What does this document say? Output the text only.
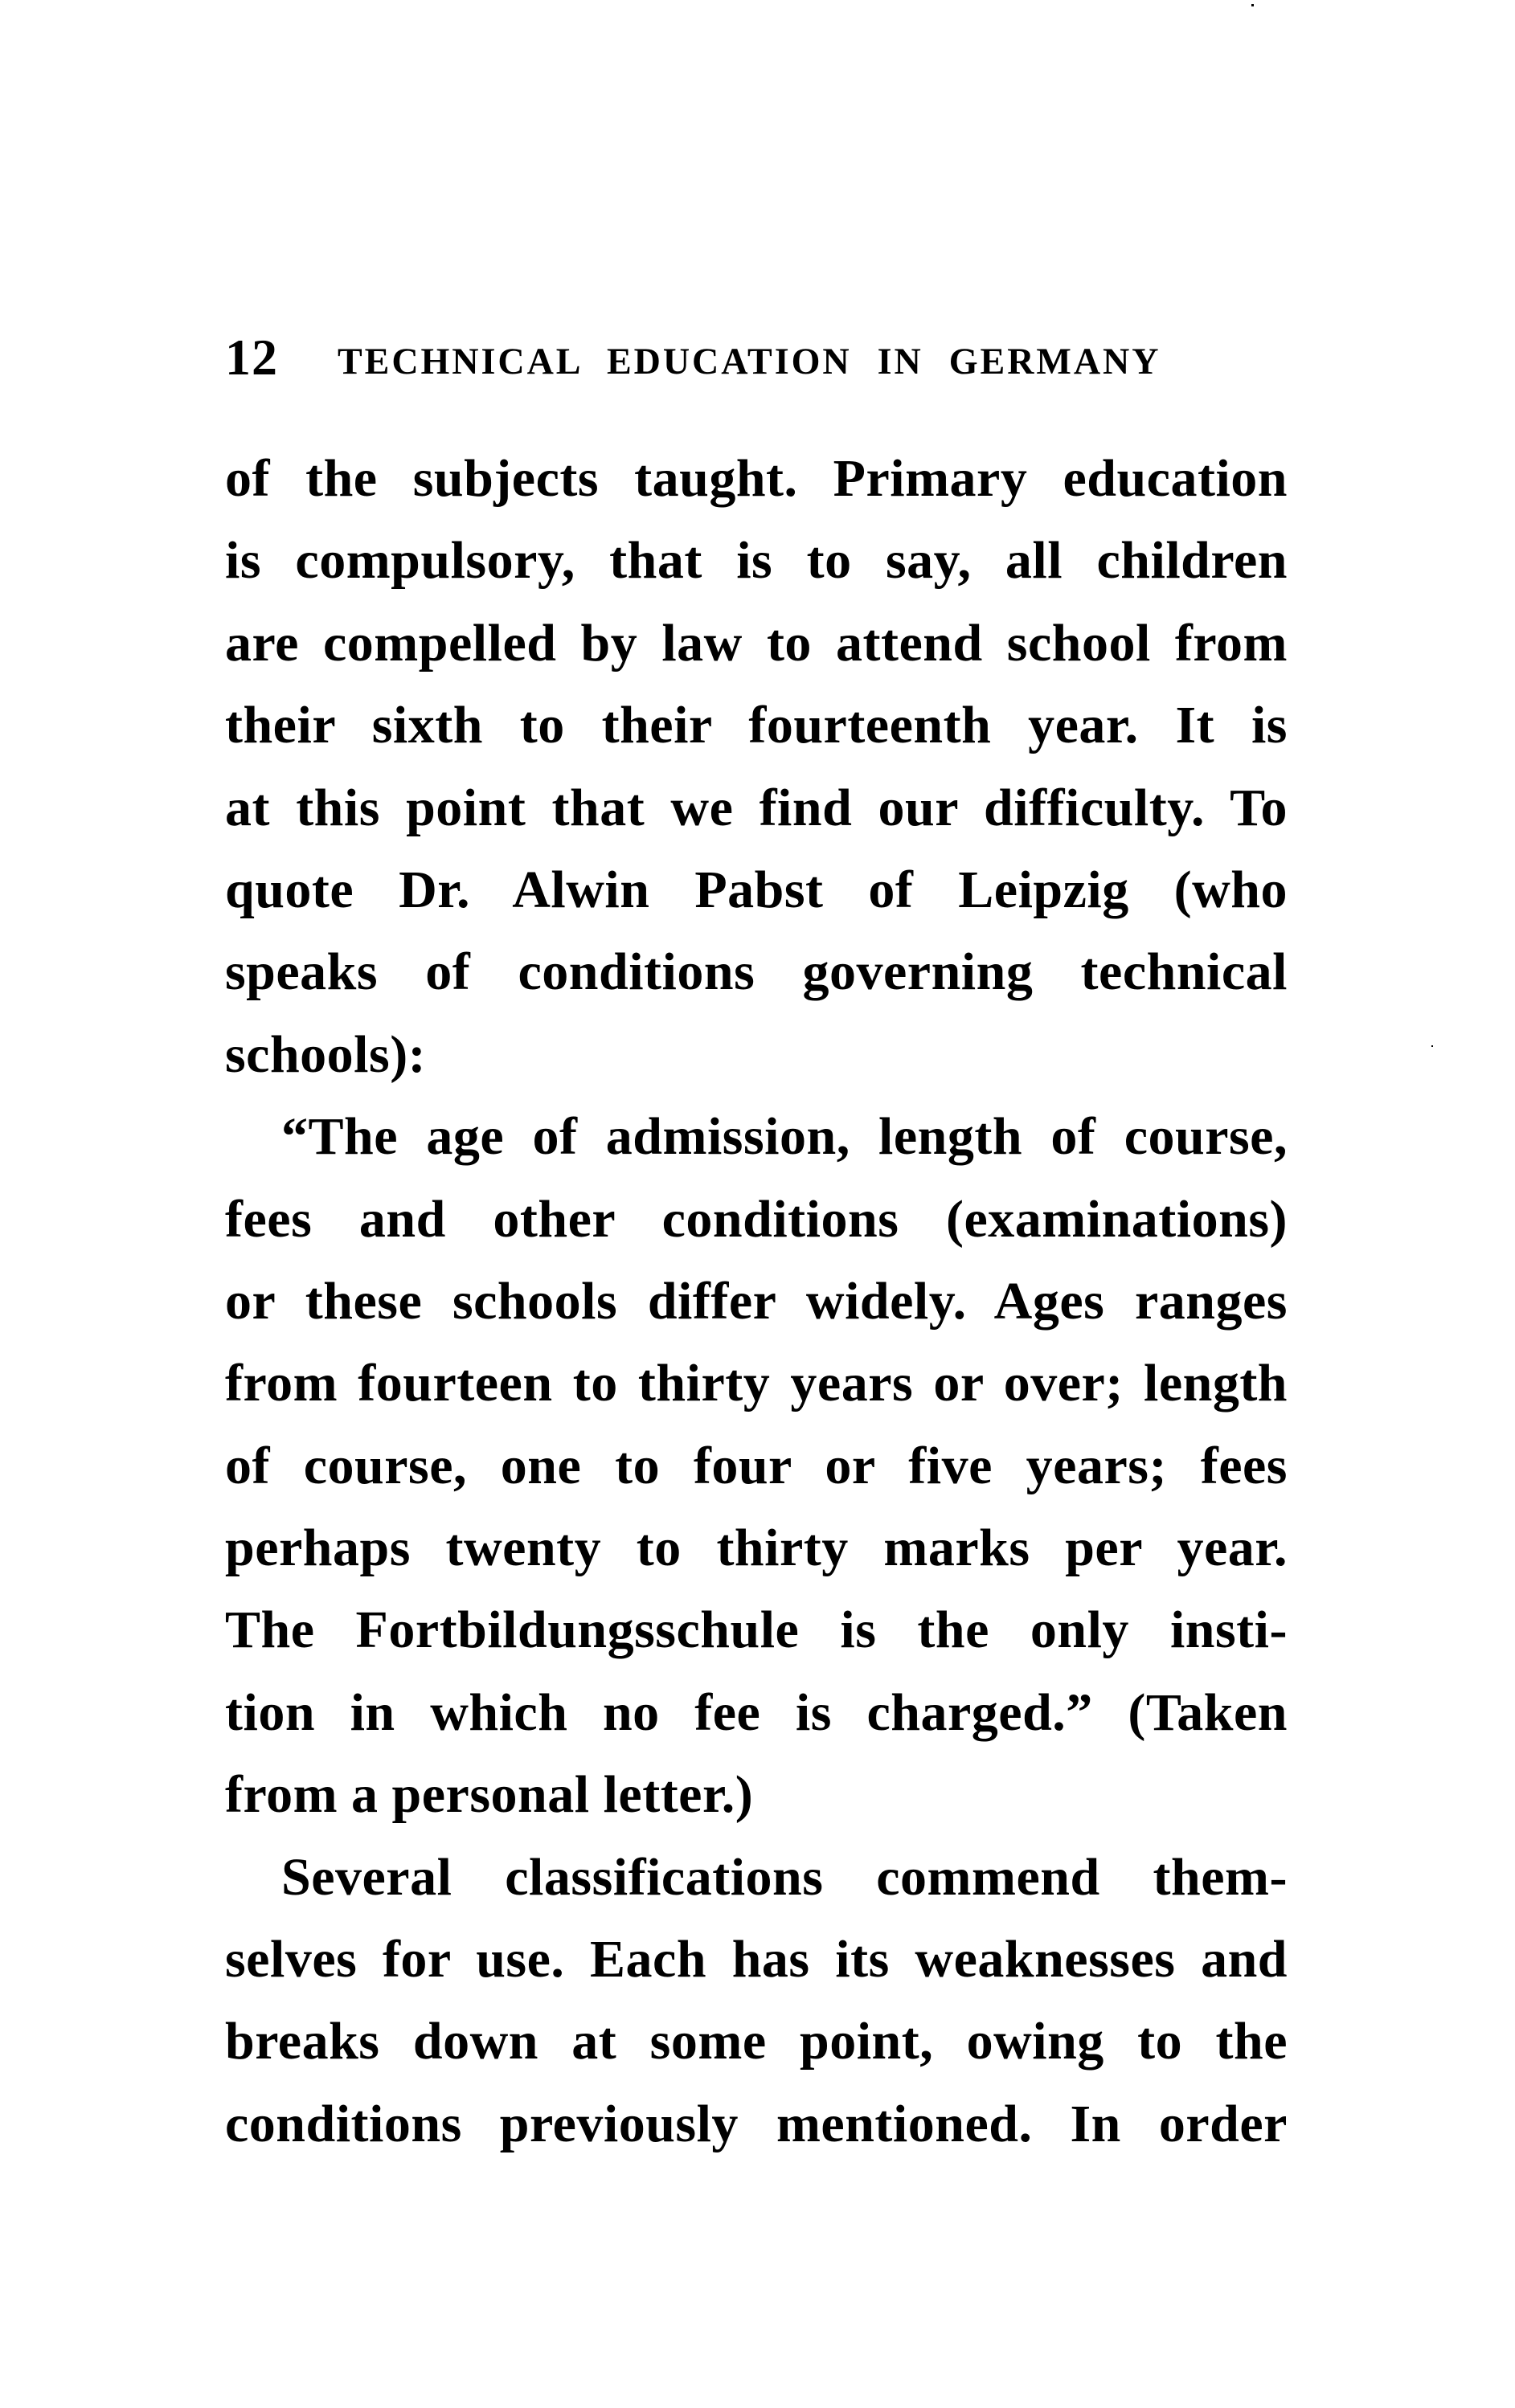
12 TECHNICAL EDUCATION IN GERMANY
of the subjects taught. Primary education
is compulsory, that is to say, all children
are compelled by law to attend school from
their sixth to their fourteenth year. It is
at this point that we find our difficulty. To
quote Dr. Alwin Pabst of Leipzig (who
speaks of conditions governing technical
schools):
“The age of admission, length of course,
fees and other conditions (examinations)
or these schools differ widely. Ages ranges
from fourteen to thirty years or over; length
of course, one to four or five years; fees
perhaps twenty to thirty marks per year.
The Fortbildungsschule is the only insti-
tion in which no fee is charged.” (Taken
from a personal letter.)
Several classifications commend them-
selves for use. Each has its weaknesses and
breaks down at some point, owing to the
conditions previously mentioned. In order
